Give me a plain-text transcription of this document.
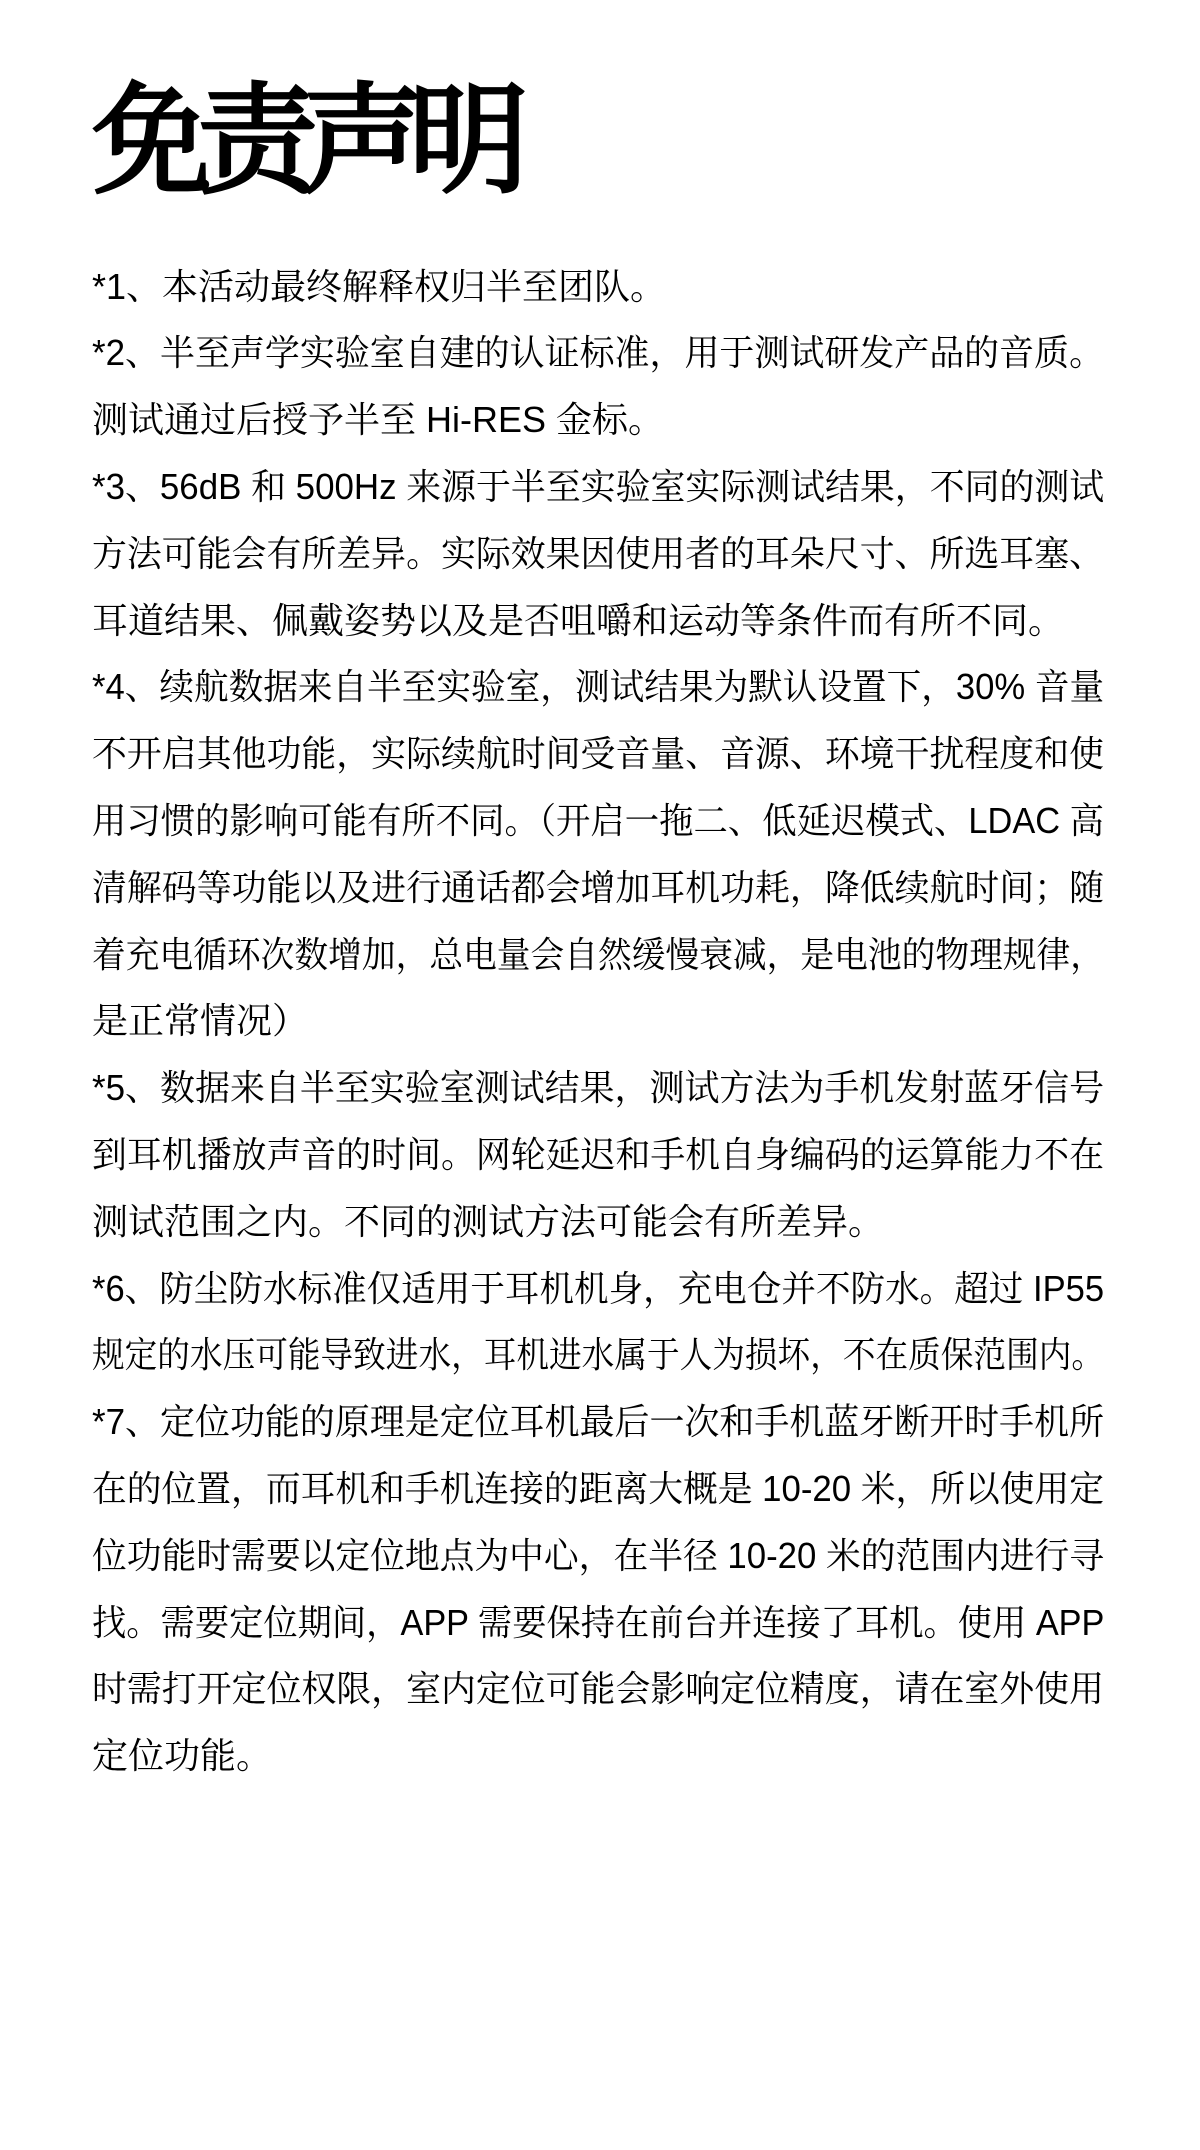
免责声明
*1、本活动最终解释权归半至团队。
*2、半至声学实验室自建的认证标准，用于测试研发产品的音质。
测试通过后授予半至 Hi-RES 金标。
*3、56dB 和 500Hz 来源于半至实验室实际测试结果，不同的测试
方法可能会有所差异。实际效果因使用者的耳朵尺寸、所选耳塞、
耳道结果、佩戴姿势以及是否咀嚼和运动等条件而有所不同。
*4、续航数据来自半至实验室，测试结果为默认设置下，30% 音量
不开启其他功能，实际续航时间受音量、音源、环境干扰程度和使
用习惯的影响可能有所不同。（开启一拖二、低延迟模式、LDAC 高
清解码等功能以及进行通话都会增加耳机功耗，降低续航时间；随
着充电循环次数增加，总电量会自然缓慢衰减，是电池的物理规律，
是正常情况）
*5、数据来自半至实验室测试结果，测试方法为手机发射蓝牙信号
到耳机播放声音的时间。网轮延迟和手机自身编码的运算能力不在
测试范围之内。不同的测试方法可能会有所差异。
*6、防尘防水标准仅适用于耳机机身，充电仓并不防水。超过 IP55
规定的水压可能导致进水，耳机进水属于人为损坏，不在质保范围内。
*7、定位功能的原理是定位耳机最后一次和手机蓝牙断开时手机所
在的位置，而耳机和手机连接的距离大概是 10-20 米，所以使用定
位功能时需要以定位地点为中心，在半径 10-20 米的范围内进行寻
找。需要定位期间，APP 需要保持在前台并连接了耳机。使用 APP
时需打开定位权限，室内定位可能会影响定位精度，请在室外使用
定位功能。
